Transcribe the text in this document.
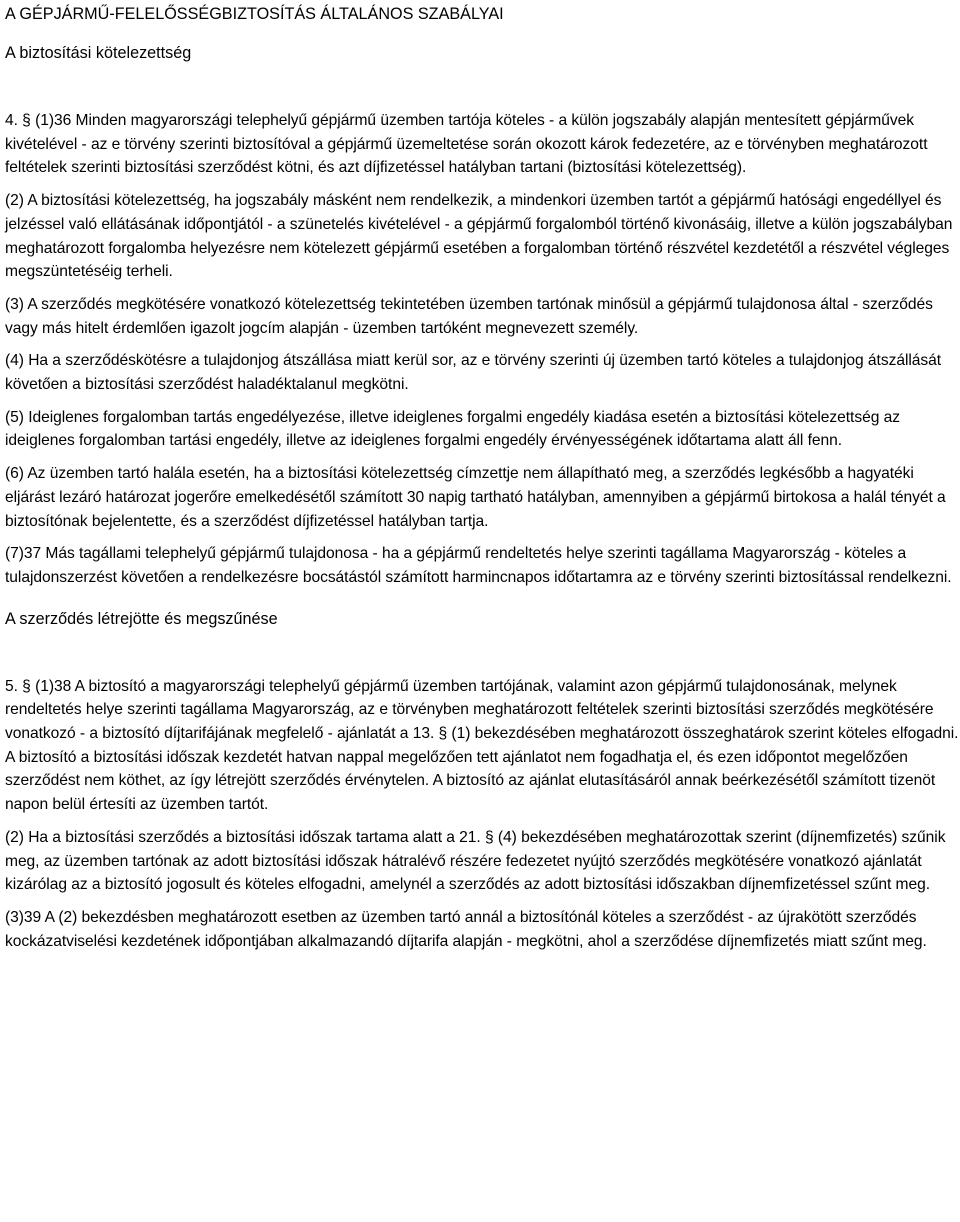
A GÉPJÁRMŰ-FELELŐSSÉGBIZTOSÍTÁS ÁLTALÁNOS SZABÁLYAI
A biztosítási kötelezettség

4. § (1)36 Minden magyarországi telephelyű gépjármű üzemben tartója köteles - a külön jogszabály alapján mentesített gépjárművek kivételével - az e törvény szerinti biztosítóval a gépjármű üzemeltetése során okozott károk fedezetére, az e törvényben meghatározott feltételek szerinti biztosítási szerződést kötni, és azt díjfizetéssel hatályban tartani (biztosítási kötelezettség).

(2) A biztosítási kötelezettség, ha jogszabály másként nem rendelkezik, a mindenkori üzemben tartót a gépjármű hatósági engedéllyel és jelzéssel való ellátásának időpontjától - a szünetelés kivételével - a gépjármű forgalomból történő kivonásáig, illetve a külön jogszabályban meghatározott forgalomba helyezésre nem kötelezett gépjármű esetében a forgalomban történő részvétel kezdetétől a részvétel végleges megszüntetéséig terheli.

(3) A szerződés megkötésére vonatkozó kötelezettség tekintetében üzemben tartónak minősül a gépjármű tulajdonosa által - szerződés vagy más hitelt érdemlően igazolt jogcím alapján - üzemben tartóként megnevezett személy.

(4) Ha a szerződéskötésre a tulajdonjog átszállása miatt kerül sor, az e törvény szerinti új üzemben tartó köteles a tulajdonjog átszállását követően a biztosítási szerződést haladéktalanul megkötni.

(5) Ideiglenes forgalomban tartás engedélyezése, illetve ideiglenes forgalmi engedély kiadása esetén a biztosítási kötelezettség az ideiglenes forgalomban tartási engedély, illetve az ideiglenes forgalmi engedély érvényességének időtartama alatt áll fenn.

(6) Az üzemben tartó halála esetén, ha a biztosítási kötelezettség címzettje nem állapítható meg, a szerződés legkésőbb a hagyatéki eljárást lezáró határozat jogerőre emelkedésétől számított 30 napig tartható hatályban, amennyiben a gépjármű birtokosa a halál tényét a biztosítónak bejelentette, és a szerződést díjfizetéssel hatályban tartja.

(7)37 Más tagállami telephelyű gépjármű tulajdonosa - ha a gépjármű rendeltetés helye szerinti tagállama Magyarország - köteles a tulajdonszerzést követően a rendelkezésre bocsátástól számított harmincnapos időtartamra az e törvény szerinti biztosítással rendelkezni.

A szerződés létrejötte és megszűnése

5. § (1)38 A biztosító a magyarországi telephelyű gépjármű üzemben tartójának, valamint azon gépjármű tulajdonosának, melynek rendeltetés helye szerinti tagállama Magyarország, az e törvényben meghatározott feltételek szerinti biztosítási szerződés megkötésére vonatkozó - a biztosító díjtarifájának megfelelő - ajánlatát a 13. § (1) bekezdésében meghatározott összeghatárok szerint köteles elfogadni. A biztosító a biztosítási időszak kezdetét hatvan nappal megelőzően tett ajánlatot nem fogadhatja el, és ezen időpontot megelőzően szerződést nem köthet, az így létrejött szerződés érvénytelen. A biztosító az ajánlat elutasításáról annak beérkezésétől számított tizenöt napon belül értesíti az üzemben tartót.

(2) Ha a biztosítási szerződés a biztosítási időszak tartama alatt a 21. § (4) bekezdésében meghatározottak szerint (díjnemfizetés) szűnik meg, az üzemben tartónak az adott biztosítási időszak hátralévő részére fedezetet nyújtó szerződés megkötésére vonatkozó ajánlatát kizárólag az a biztosító jogosult és köteles elfogadni, amelynél a szerződés az adott biztosítási időszakban díjnemfizetéssel szűnt meg.

(3)39 A (2) bekezdésben meghatározott esetben az üzemben tartó annál a biztosítónál köteles a szerződést - az újrakötött szerződés kockázatviselési kezdetének időpontjában alkalmazandó díjtarifa alapján - megkötni, ahol a szerződése díjnemfizetés miatt szűnt meg.
